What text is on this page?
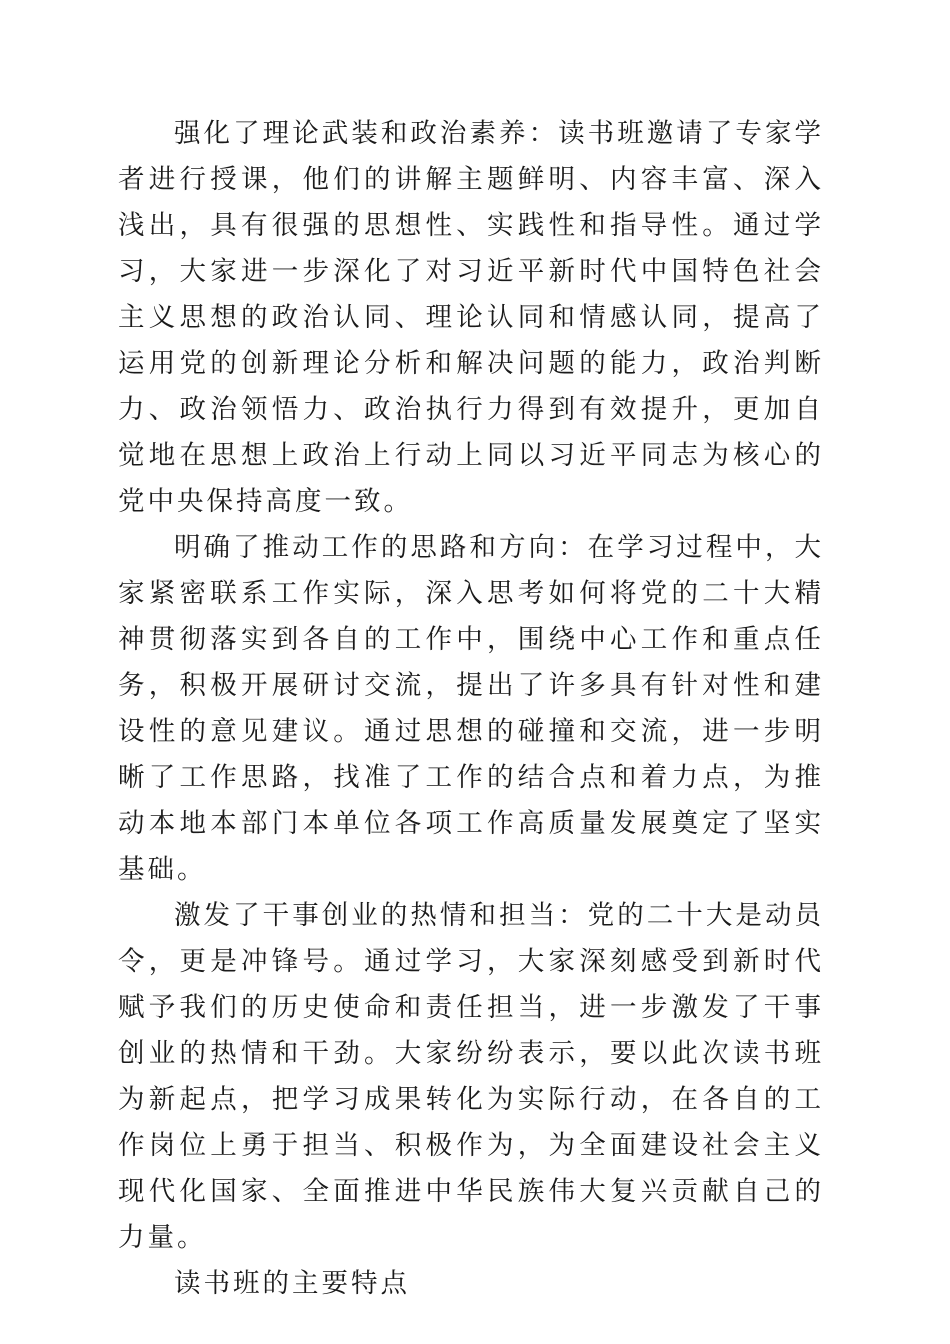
强化了理论武装和政治素养：读书班邀请了专家学者进行授课，他们的讲解主题鲜明、内容丰富、深入浅出，具有很强的思想性、实践性和指导性。通过学习，大家进一步深化了对习近平新时代中国特色社会主义思想的政治认同、理论认同和情感认同，提高了运用党的创新理论分析和解决问题的能力，政治判断力、政治领悟力、政治执行力得到有效提升，更加自觉地在思想上政治上行动上同以习近平同志为核心的党中央保持高度一致。

明确了推动工作的思路和方向：在学习过程中，大家紧密联系工作实际，深入思考如何将党的二十大精神贯彻落实到各自的工作中，围绕中心工作和重点任务，积极开展研讨交流，提出了许多具有针对性和建设性的意见建议。通过思想的碰撞和交流，进一步明晰了工作思路，找准了工作的结合点和着力点，为推动本地本部门本单位各项工作高质量发展奠定了坚实基础。

激发了干事创业的热情和担当：党的二十大是动员令，更是冲锋号。通过学习，大家深刻感受到新时代赋予我们的历史使命和责任担当，进一步激发了干事创业的热情和干劲。大家纷纷表示，要以此次读书班为新起点，把学习成果转化为实际行动，在各自的工作岗位上勇于担当、积极作为，为全面建设社会主义现代化国家、全面推进中华民族伟大复兴贡献自己的力量。

读书班的主要特点
